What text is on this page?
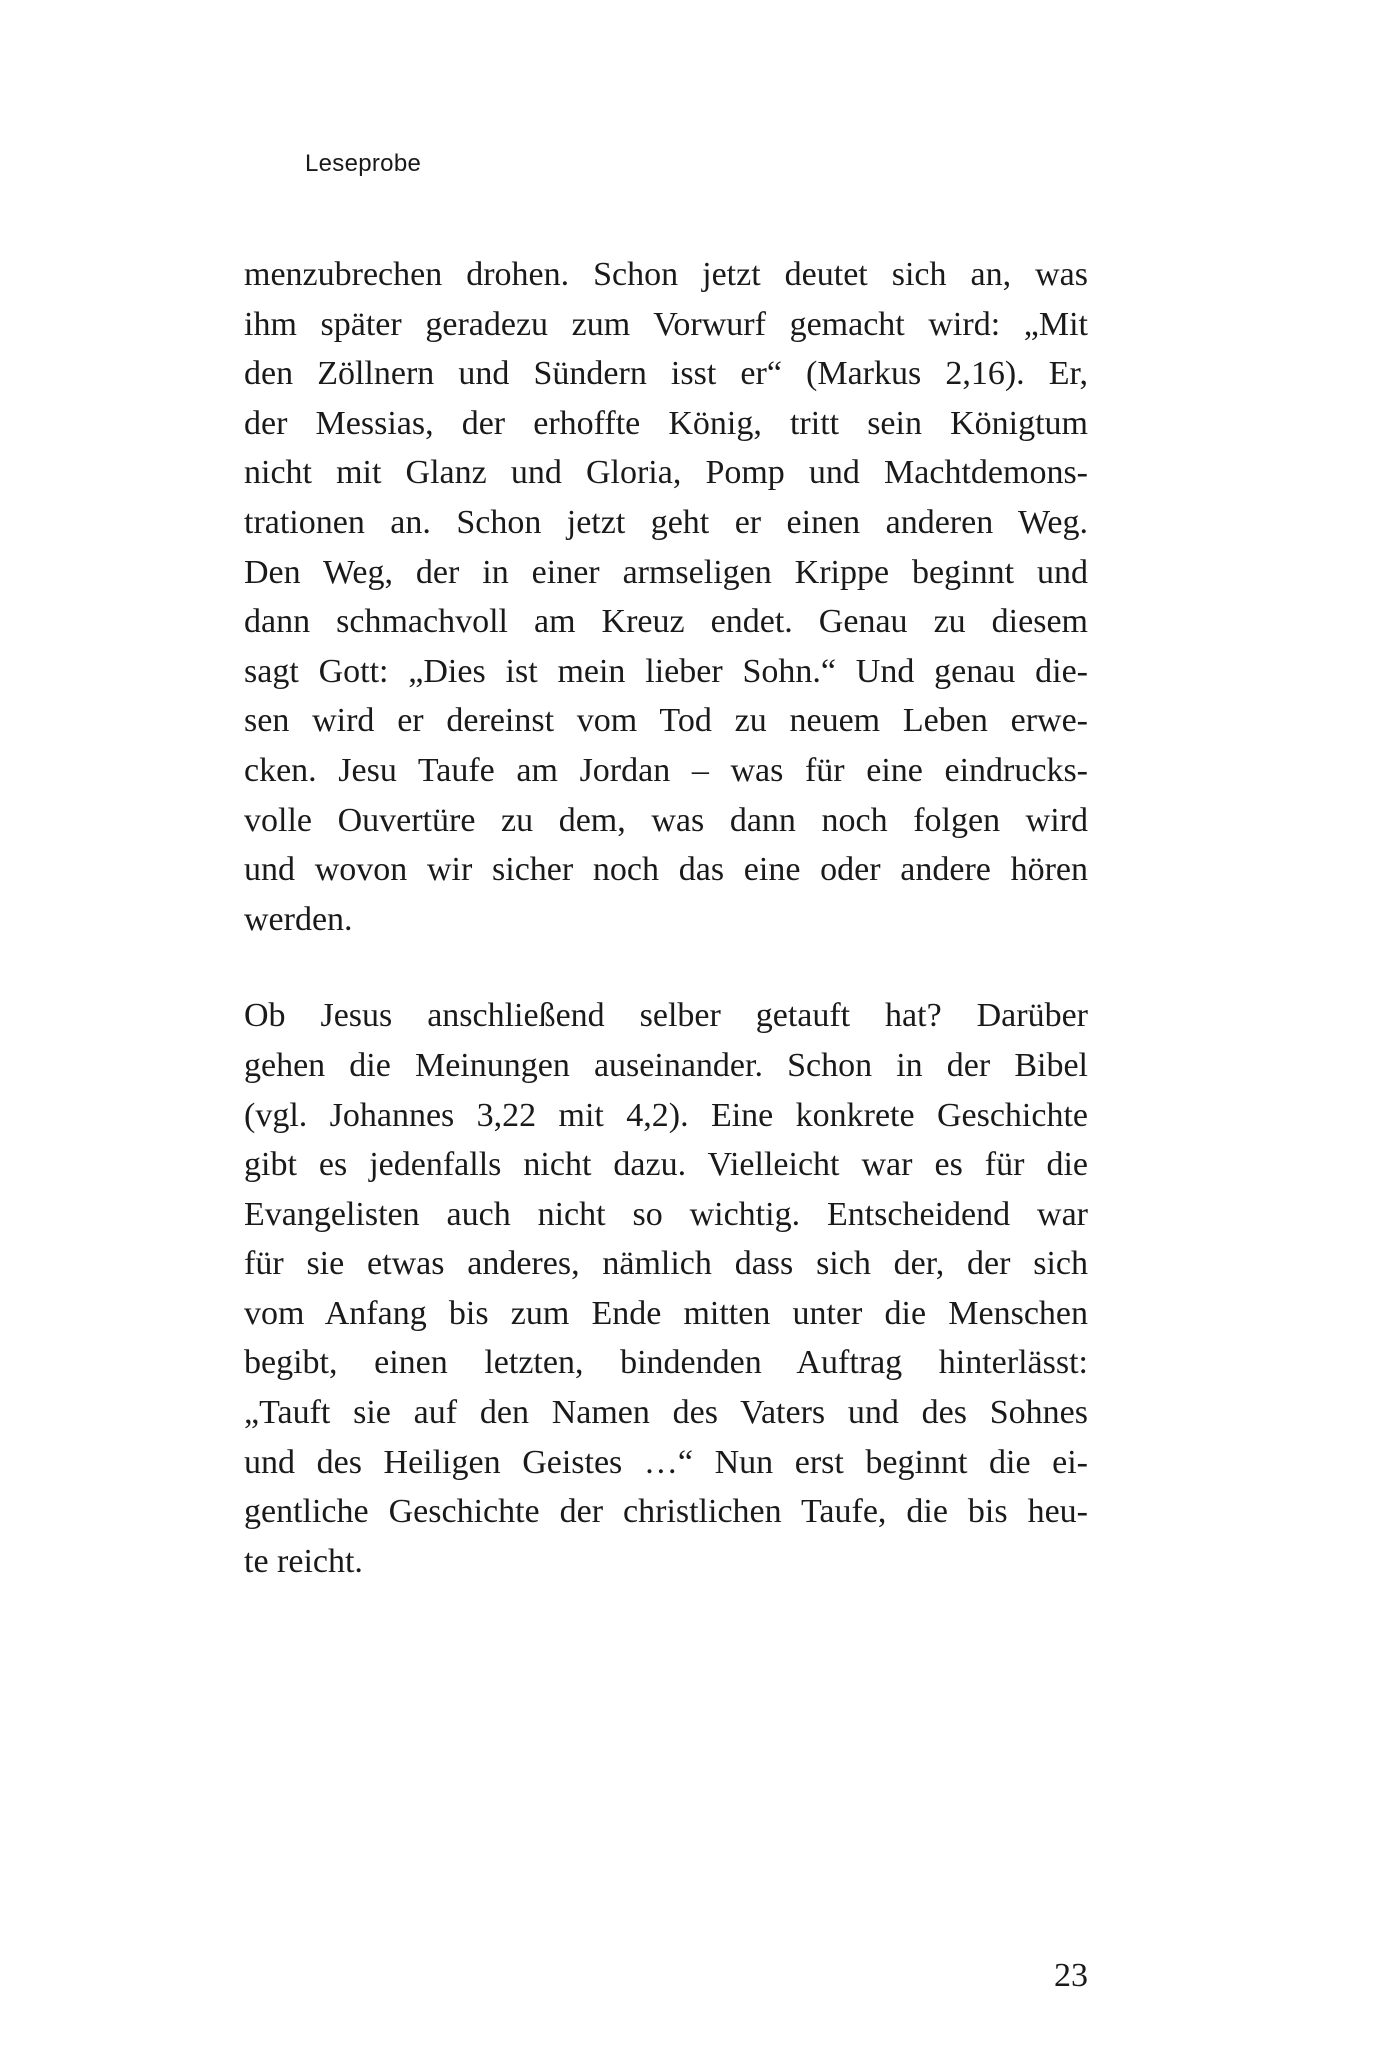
Leseprobe
menzubrechen drohen. Schon jetzt deutet sich an, was
ihm später geradezu zum Vorwurf gemacht wird: „Mit
den Zöllnern und Sündern isst er“ (Markus 2,16). Er,
der Messias, der erhoffte König, tritt sein Königtum
nicht mit Glanz und Gloria, Pomp und Machtdemons-
trationen an. Schon jetzt geht er einen anderen Weg.
Den Weg, der in einer armseligen Krippe beginnt und
dann schmachvoll am Kreuz endet. Genau zu diesem
sagt Gott: „Dies ist mein lieber Sohn.“ Und genau die-
sen wird er dereinst vom Tod zu neuem Leben erwe-
cken. Jesu Taufe am Jordan – was für eine eindrucks-
volle Ouvertüre zu dem, was dann noch folgen wird
und wovon wir sicher noch das eine oder andere hören
werden.
Ob Jesus anschließend selber getauft hat? Darüber
gehen die Meinungen auseinander. Schon in der Bibel
(vgl. Johannes 3,22 mit 4,2). Eine konkrete Geschichte
gibt es jedenfalls nicht dazu. Vielleicht war es für die
Evangelisten auch nicht so wichtig. Entscheidend war
für sie etwas anderes, nämlich dass sich der, der sich
vom Anfang bis zum Ende mitten unter die Menschen
begibt, einen letzten, bindenden Auftrag hinterlässt:
„Tauft sie auf den Namen des Vaters und des Sohnes
und des Heiligen Geistes …“ Nun erst beginnt die ei-
gentliche Geschichte der christlichen Taufe, die bis heu-
te reicht.
23
